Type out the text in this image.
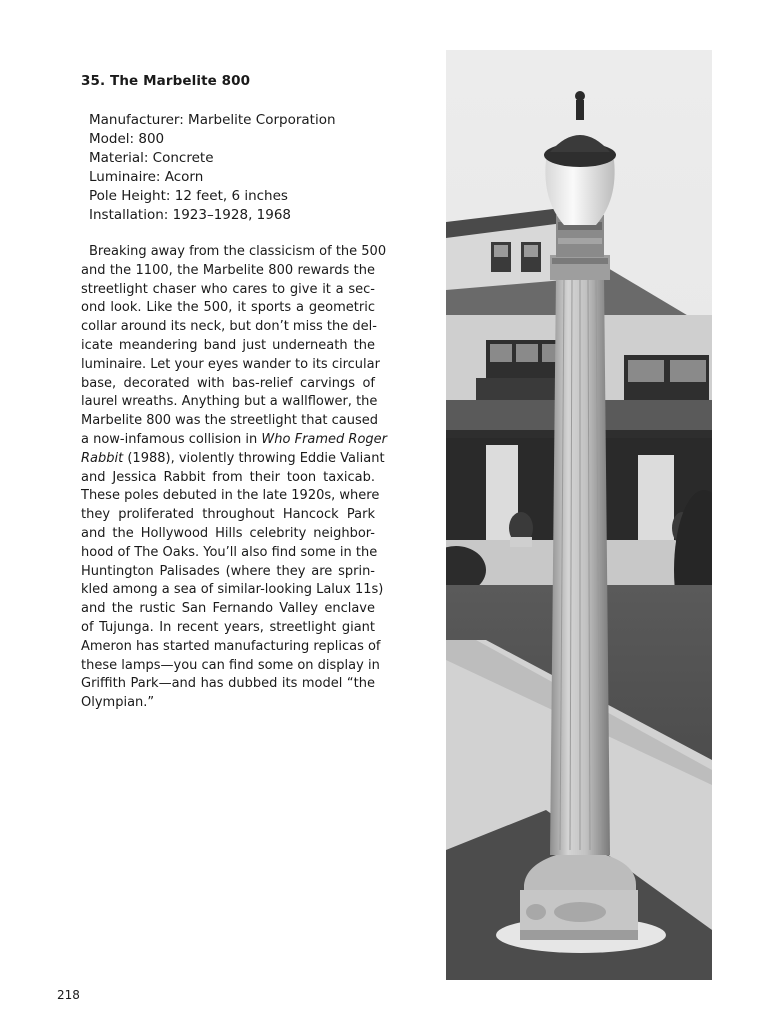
35. The Marbelite 800
Manufacturer: Marbelite Corporation
Model: 800
Material: Concrete
Luminaire: Acorn
Pole Height: 12 feet, 6 inches
Installation: 1923–1928, 1968
Breaking away from the classicism of the 500
and the 1100, the Marbelite 800 rewards the
streetlight chaser who cares to give it a sec-
ond look. Like the 500, it sports a geometric
collar around its neck, but don’t miss the del-
icate meandering band just underneath the
luminaire. Let your eyes wander to its circular
base, decorated with bas-relief carvings of
laurel wreaths. Anything but a wallflower, the
Marbelite 800 was the streetlight that caused
a now-infamous collision in Who Framed Roger
Rabbit (1988), violently throwing Eddie Valiant
and Jessica Rabbit from their toon taxicab.
These poles debuted in the late 1920s, where
they proliferated throughout Hancock Park
and the Hollywood Hills celebrity neighbor-
hood of The Oaks. You’ll also find some in the
Huntington Palisades (where they are sprin-
kled among a sea of similar-looking Lalux 11s)
and the rustic San Fernando Valley enclave
of Tujunga. In recent years, streetlight giant
Ameron has started manufacturing replicas of
these lamps—you can find some on display in
Griffith Park—and has dubbed its model “the
Olympian.”
218
